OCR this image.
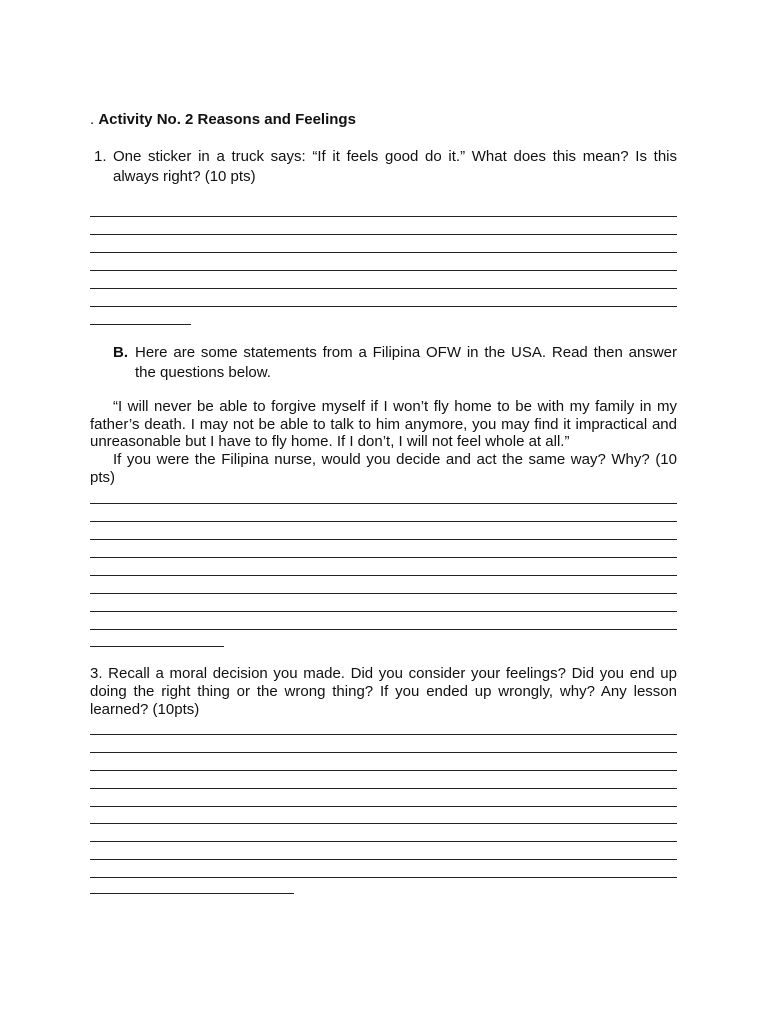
. Activity No. 2 Reasons and Feelings
1. One sticker in a truck says: “If it feels good do it.” What does this mean? Is this always right? (10 pts)
B. Here are some statements from a Filipina OFW in the USA. Read then answer the questions below.
“I will never be able to forgive myself if I won’t fly home to be with my family in my father’s death. I may not be able to talk to him anymore, you may find it impractical and unreasonable but I have to fly home. If I don’t, I will not feel whole at all.”
If you were the Filipina nurse, would you decide and act the same way? Why? (10 pts)
3. Recall a moral decision you made. Did you consider your feelings? Did you end up doing the right thing or the wrong thing? If you ended up wrongly, why? Any lesson learned? (10pts)
